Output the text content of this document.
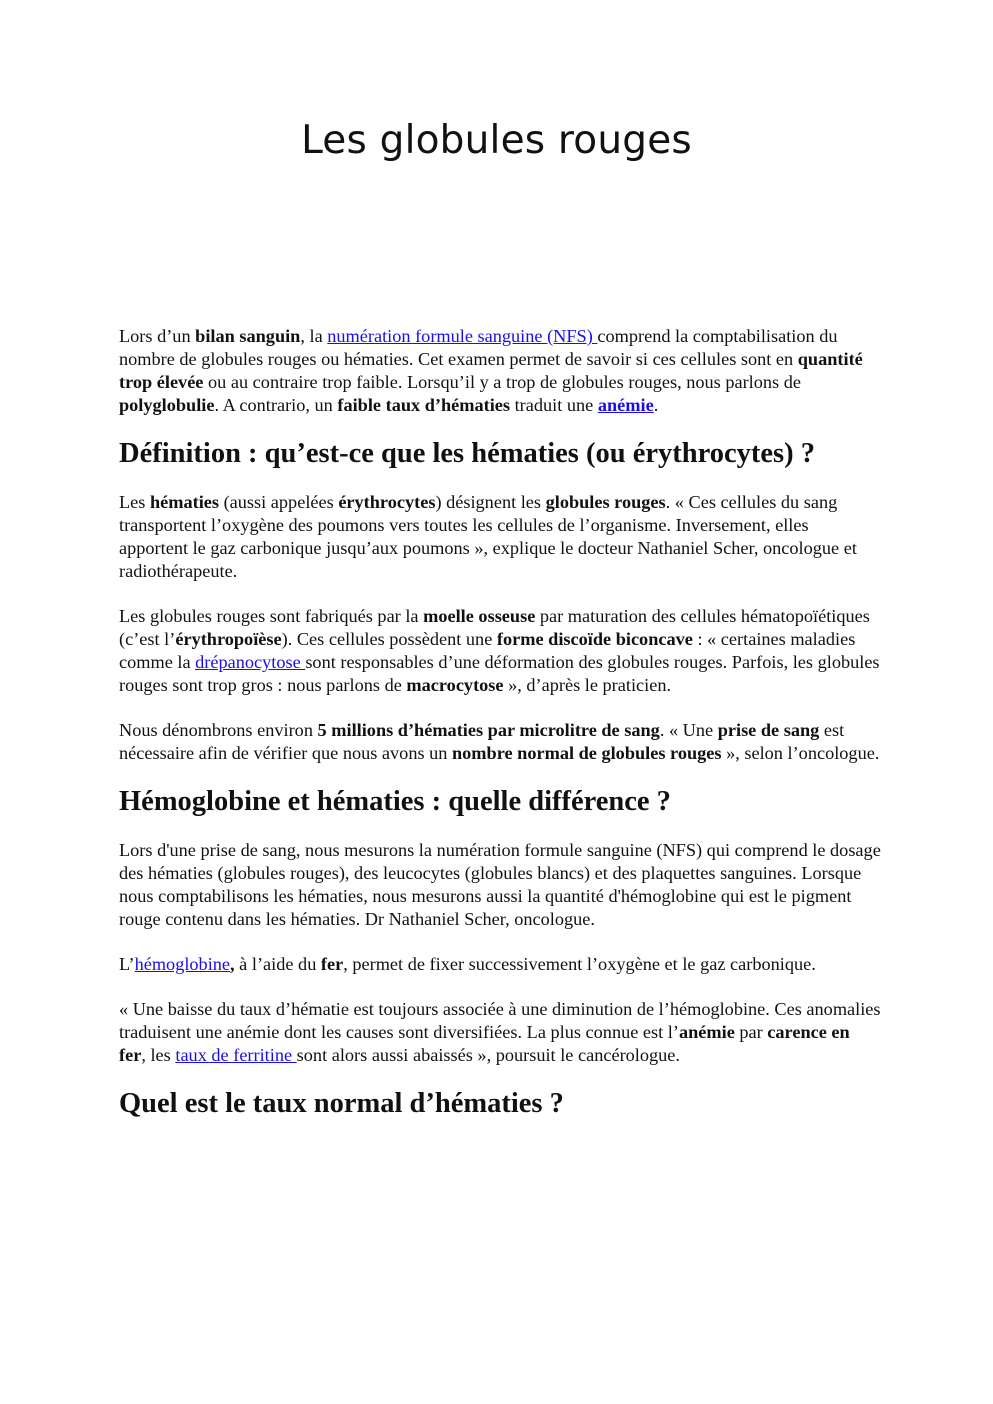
Les globules rouges

Lors d’un bilan sanguin, la numération formule sanguine (NFS) comprend la comptabilisation du nombre de globules rouges ou hématies. Cet examen permet de savoir si ces cellules sont en quantité trop élevée ou au contraire trop faible. Lorsqu’il y a trop de globules rouges, nous parlons de polyglobulie. A contrario, un faible taux d’hématies traduit une anémie.

Définition : qu’est-ce que les hématies (ou érythrocytes) ?

Les hématies (aussi appelées érythrocytes) désignent les globules rouges. « Ces cellules du sang transportent l’oxygène des poumons vers toutes les cellules de l’organisme. Inversement, elles apportent le gaz carbonique jusqu’aux poumons », explique le docteur Nathaniel Scher, oncologue et radiothérapeute.

Les globules rouges sont fabriqués par la moelle osseuse par maturation des cellules hématopoïétiques (c’est l’érythropoïèse). Ces cellules possèdent une forme discoïde biconcave : « certaines maladies comme la drépanocytose sont responsables d’une déformation des globules rouges. Parfois, les globules rouges sont trop gros : nous parlons de macrocytose », d’après le praticien.

Nous dénombrons environ 5 millions d’hématies par microlitre de sang. « Une prise de sang est nécessaire afin de vérifier que nous avons un nombre normal de globules rouges », selon l’oncologue.

Hémoglobine et hématies : quelle différence ?

Lors d'une prise de sang, nous mesurons la numération formule sanguine (NFS) qui comprend le dosage des hématies (globules rouges), des leucocytes (globules blancs) et des plaquettes sanguines. Lorsque nous comptabilisons les hématies, nous mesurons aussi la quantité d'hémoglobine qui est le pigment rouge contenu dans les hématies. Dr Nathaniel Scher, oncologue.

L’hémoglobine, à l’aide du fer, permet de fixer successivement l’oxygène et le gaz carbonique.

« Une baisse du taux d’hématie est toujours associée à une diminution de l’hémoglobine. Ces anomalies traduisent une anémie dont les causes sont diversifiées. La plus connue est l’anémie par carence en fer, les taux de ferritine sont alors aussi abaissés », poursuit le cancérologue.

Quel est le taux normal d’hématies ?
